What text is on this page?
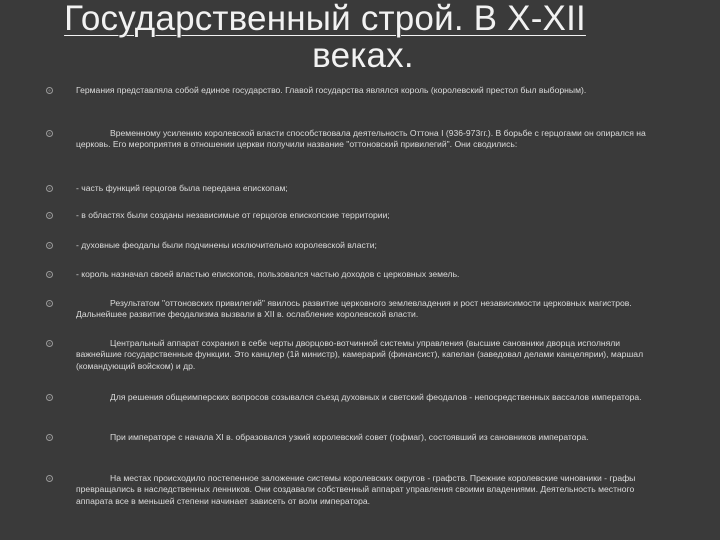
Государственный строй. В X-XII
веках.
Германия представляла собой единое государство. Главой государства являлся король (королевский престол был выборным).
Временному усилению королевской власти способствовала деятельность Оттона I (936-973гг.). В борьбе с герцогами он опирался на церковь. Его мероприятия в отношении церкви получили название "оттоновский привилегий". Они сводились:
- часть функций герцогов была передана епископам;
- в областях были созданы независимые от герцогов епископские территории;
- духовные феодалы были подчинены исключительно королевской власти;
- король назначал своей властью епископов, пользовался частью доходов с церковных земель.
Результатом "оттоновских привилегий" явилось развитие церковного землевладения и рост независимости церковных магистров. Дальнейшее развитие феодализма вызвали в XII в. ослабление королевской власти.
Центральный аппарат сохранил в себе черты дворцово-вотчинной системы управления (высшие сановники дворца исполняли важнейшие государственные функции. Это канцлер (1й министр), камерарий (финансист), капелан (заведовал делами канцелярии), маршал (командующий войском) и др.
Для решения общеимперских вопросов созывался съезд духовных и светский феодалов - непосредственных вассалов императора.
При императоре с начала XI в. образовался узкий королевский совет (гофмаг), состоявший из сановников императора.
На местах происходило постепенное заложение системы королевских округов - графств. Прежние королевские чиновники - графы превращались в наследственных ленников. Они создавали собственный аппарат управления своими владениями. Деятельность местного аппарата все в меньшей степени начинает зависеть от воли императора.
